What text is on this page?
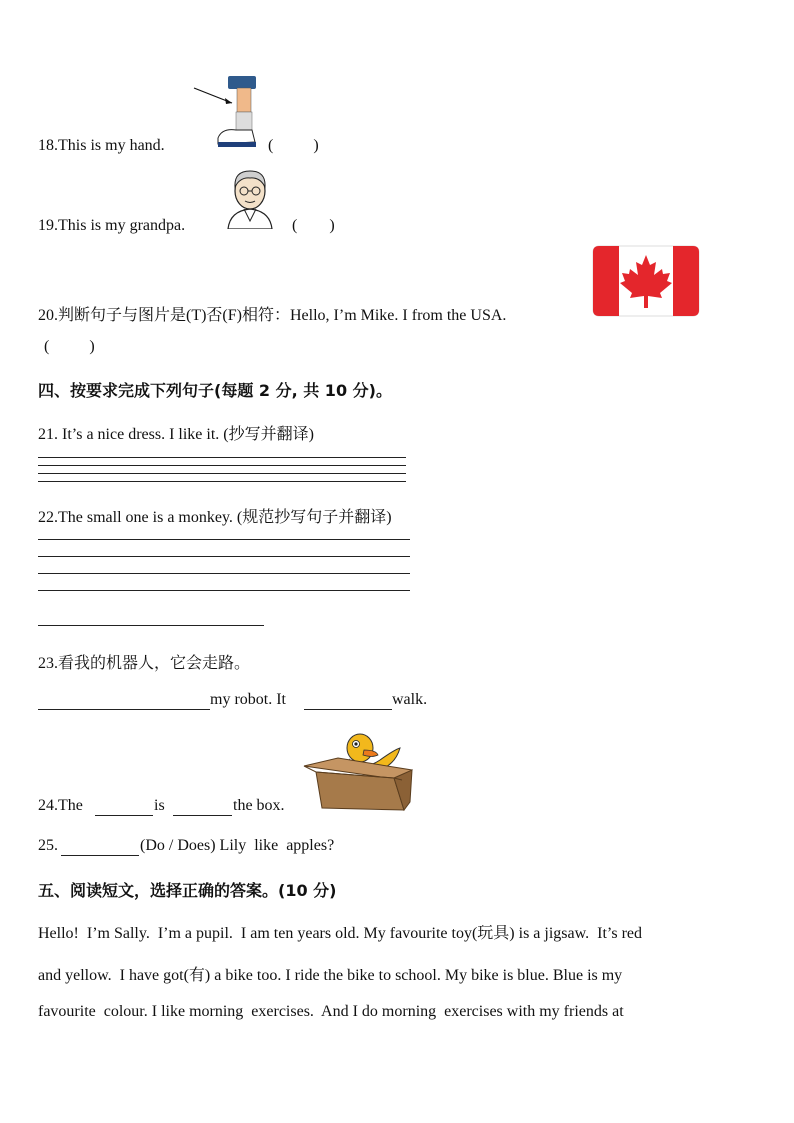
18.This is my hand.	(          )
19.This is my grandpa.	(        )
20.判断句子与图片是(T)否(F)相符：Hello, I’m Mike. I from the USA.
(          )
四、按要求完成下列句子(每题 2 分, 共 10 分)。
21. It’s a nice dress. I like it. (抄写并翻译)
22.The small one is a monkey. (规范抄写句子并翻译)
23.看我的机器人，它会走路。
my robot. It	walk.
24.The	is	the box.
25.	(Do / Does) Lily  like  apples?
五、阅读短文，选择正确的答案。(10 分)
Hello!  I’m Sally.  I’m a pupil.  I am ten years old. My favourite toy(玩具) is a jigsaw.  It’s red
and yellow.  I have got(有) a bike too. I ride the bike to school. My bike is blue. Blue is my
favourite  colour. I like morning  exercises.  And I do morning  exercises with my friends at
